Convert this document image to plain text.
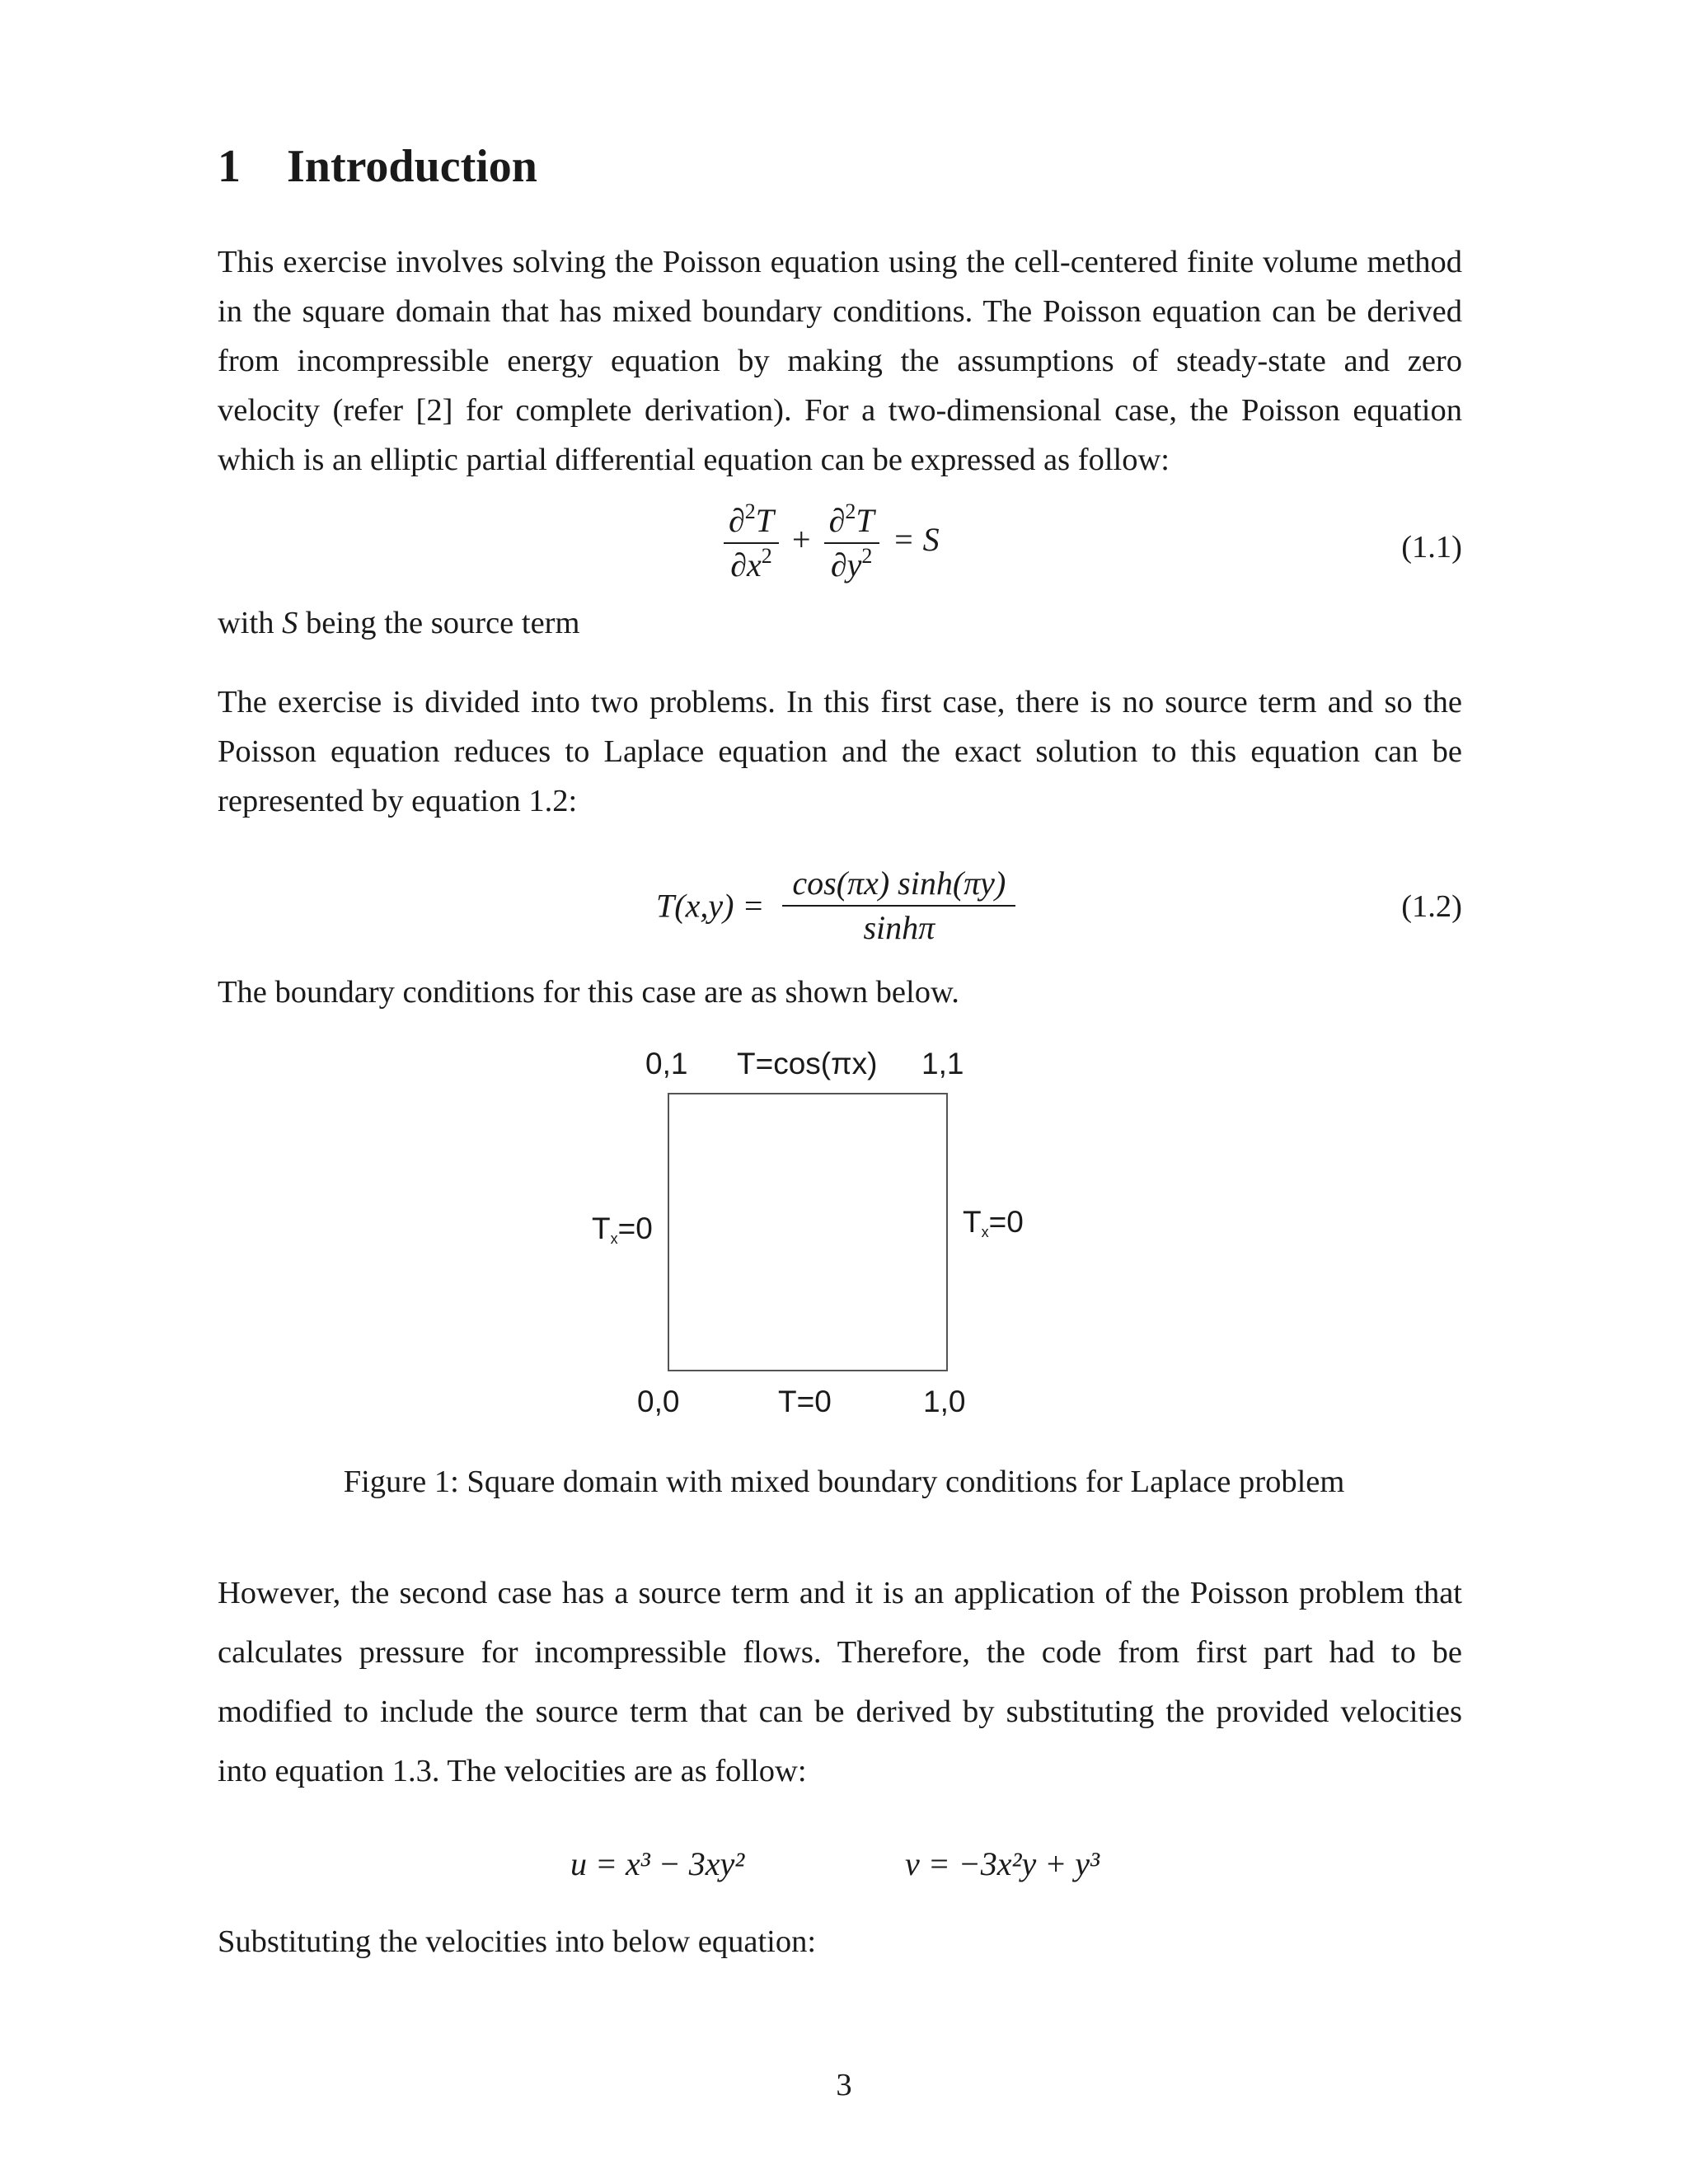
1 Introduction

This exercise involves solving the Poisson equation using the cell-centered finite volume method in the square domain that has mixed boundary conditions. The Poisson equation can be derived from incompressible energy equation by making the assumptions of steady-state and zero velocity (refer [2] for complete derivation). For a two-dimensional case, the Poisson equation which is an elliptic partial differential equation can be expressed as follow:

$\frac{\partial^2T}{\partial x^2} + \frac{\partial^2T}{\partial y^2} = S$	(1.1)

with S being the source term

The exercise is divided into two problems. In this first case, there is no source term and so the Poisson equation reduces to Laplace equation and the exact solution to this equation can be represented by equation 1.2:

$T(x,y) = \frac{\cos(\pi x) \sinh(\pi y)}{\sinh\pi}$	(1.2)

The boundary conditions for this case are as shown below.

0,1 T=cos(πx) 1,1
$T_x=0$	$T_x=0$
0,0	T=0	1,0

Figure 1: Square domain with mixed boundary conditions for Laplace problem

However, the second case has a source term and it is an application of the Poisson problem that calculates pressure for incompressible flows. Therefore, the code from first part had to be modified to include the source term that can be derived by substituting the provided velocities into equation 1.3. The velocities are as follow:

u = x³ − 3xy²	v = −3x²y + y³

Substituting the velocities into below equation:

3
